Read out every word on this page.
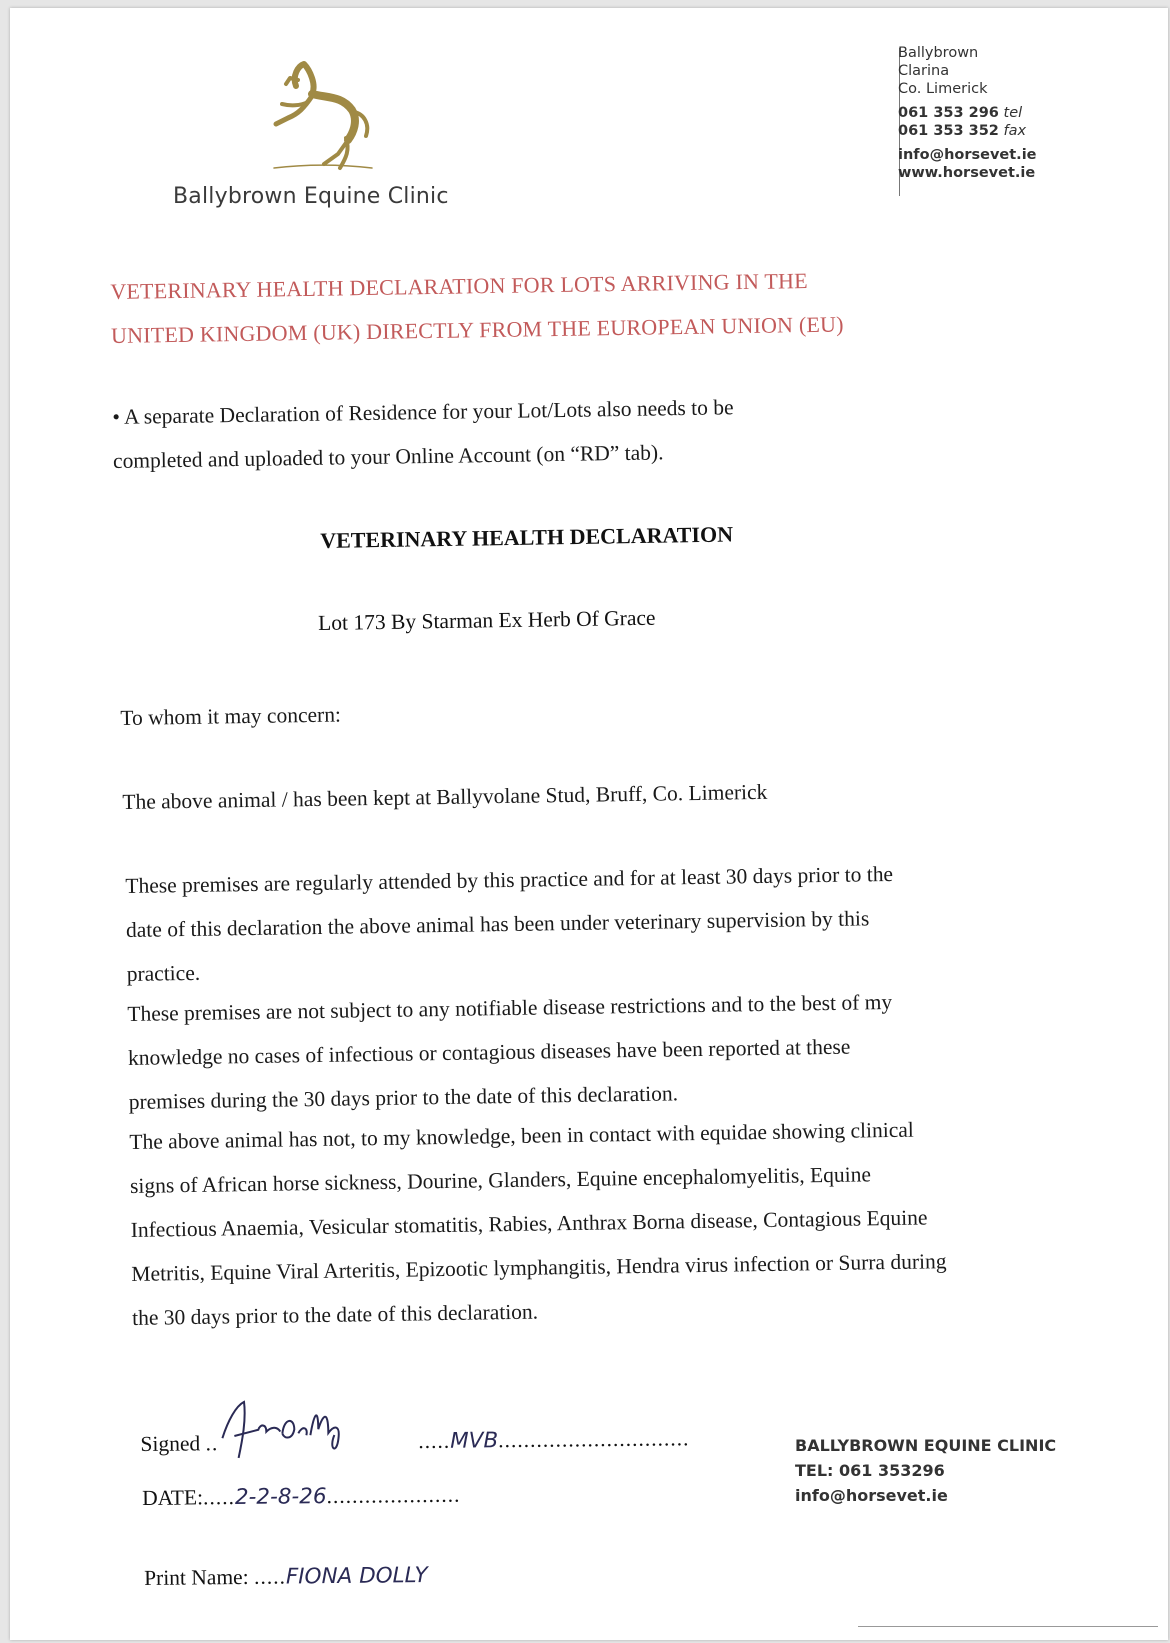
Ballybrown Equine Clinic
Ballybrown
Clarina
Co. Limerick
061 353 296 tel
061 353 352 fax
info@horsevet.ie
www.horsevet.ie
VETERINARY HEALTH DECLARATION FOR LOTS ARRIVING IN THE
UNITED KINGDOM (UK) DIRECTLY FROM THE EUROPEAN UNION (EU)
• A separate Declaration of Residence for your Lot/Lots also needs to be
completed and uploaded to your Online Account (on “RD” tab).
VETERINARY HEALTH DECLARATION
Lot 173 By Starman Ex Herb Of Grace
To whom it may concern:
The above animal / has been kept at Ballyvolane Stud, Bruff, Co. Limerick
These premises are regularly attended by this practice and for at least 30 days prior to the
date of this declaration the above animal has been under veterinary supervision by this
practice.
These premises are not subject to any notifiable disease restrictions and to the best of my
knowledge no cases of infectious or contagious diseases have been reported at these
premises during the 30 days prior to the date of this declaration.
The above animal has not, to my knowledge, been in contact with equidae showing clinical
signs of African horse sickness, Dourine, Glanders, Equine encephalomyelitis, Equine
Infectious Anaemia, Vesicular stomatitis, Rabies, Anthrax Borna disease, Contagious Equine
Metritis, Equine Viral Arteritis, Epizootic lymphangitis, Hendra virus infection or Surra during
the 30 days prior to the date of this declaration.
Signed ..	.....MVB..............................
DATE:.....2-2-8-26.....................
Print Name: .....FIONA DOLLY
BALLYBROWN EQUINE CLINIC
TEL: 061 353296
info@horsevet.ie
